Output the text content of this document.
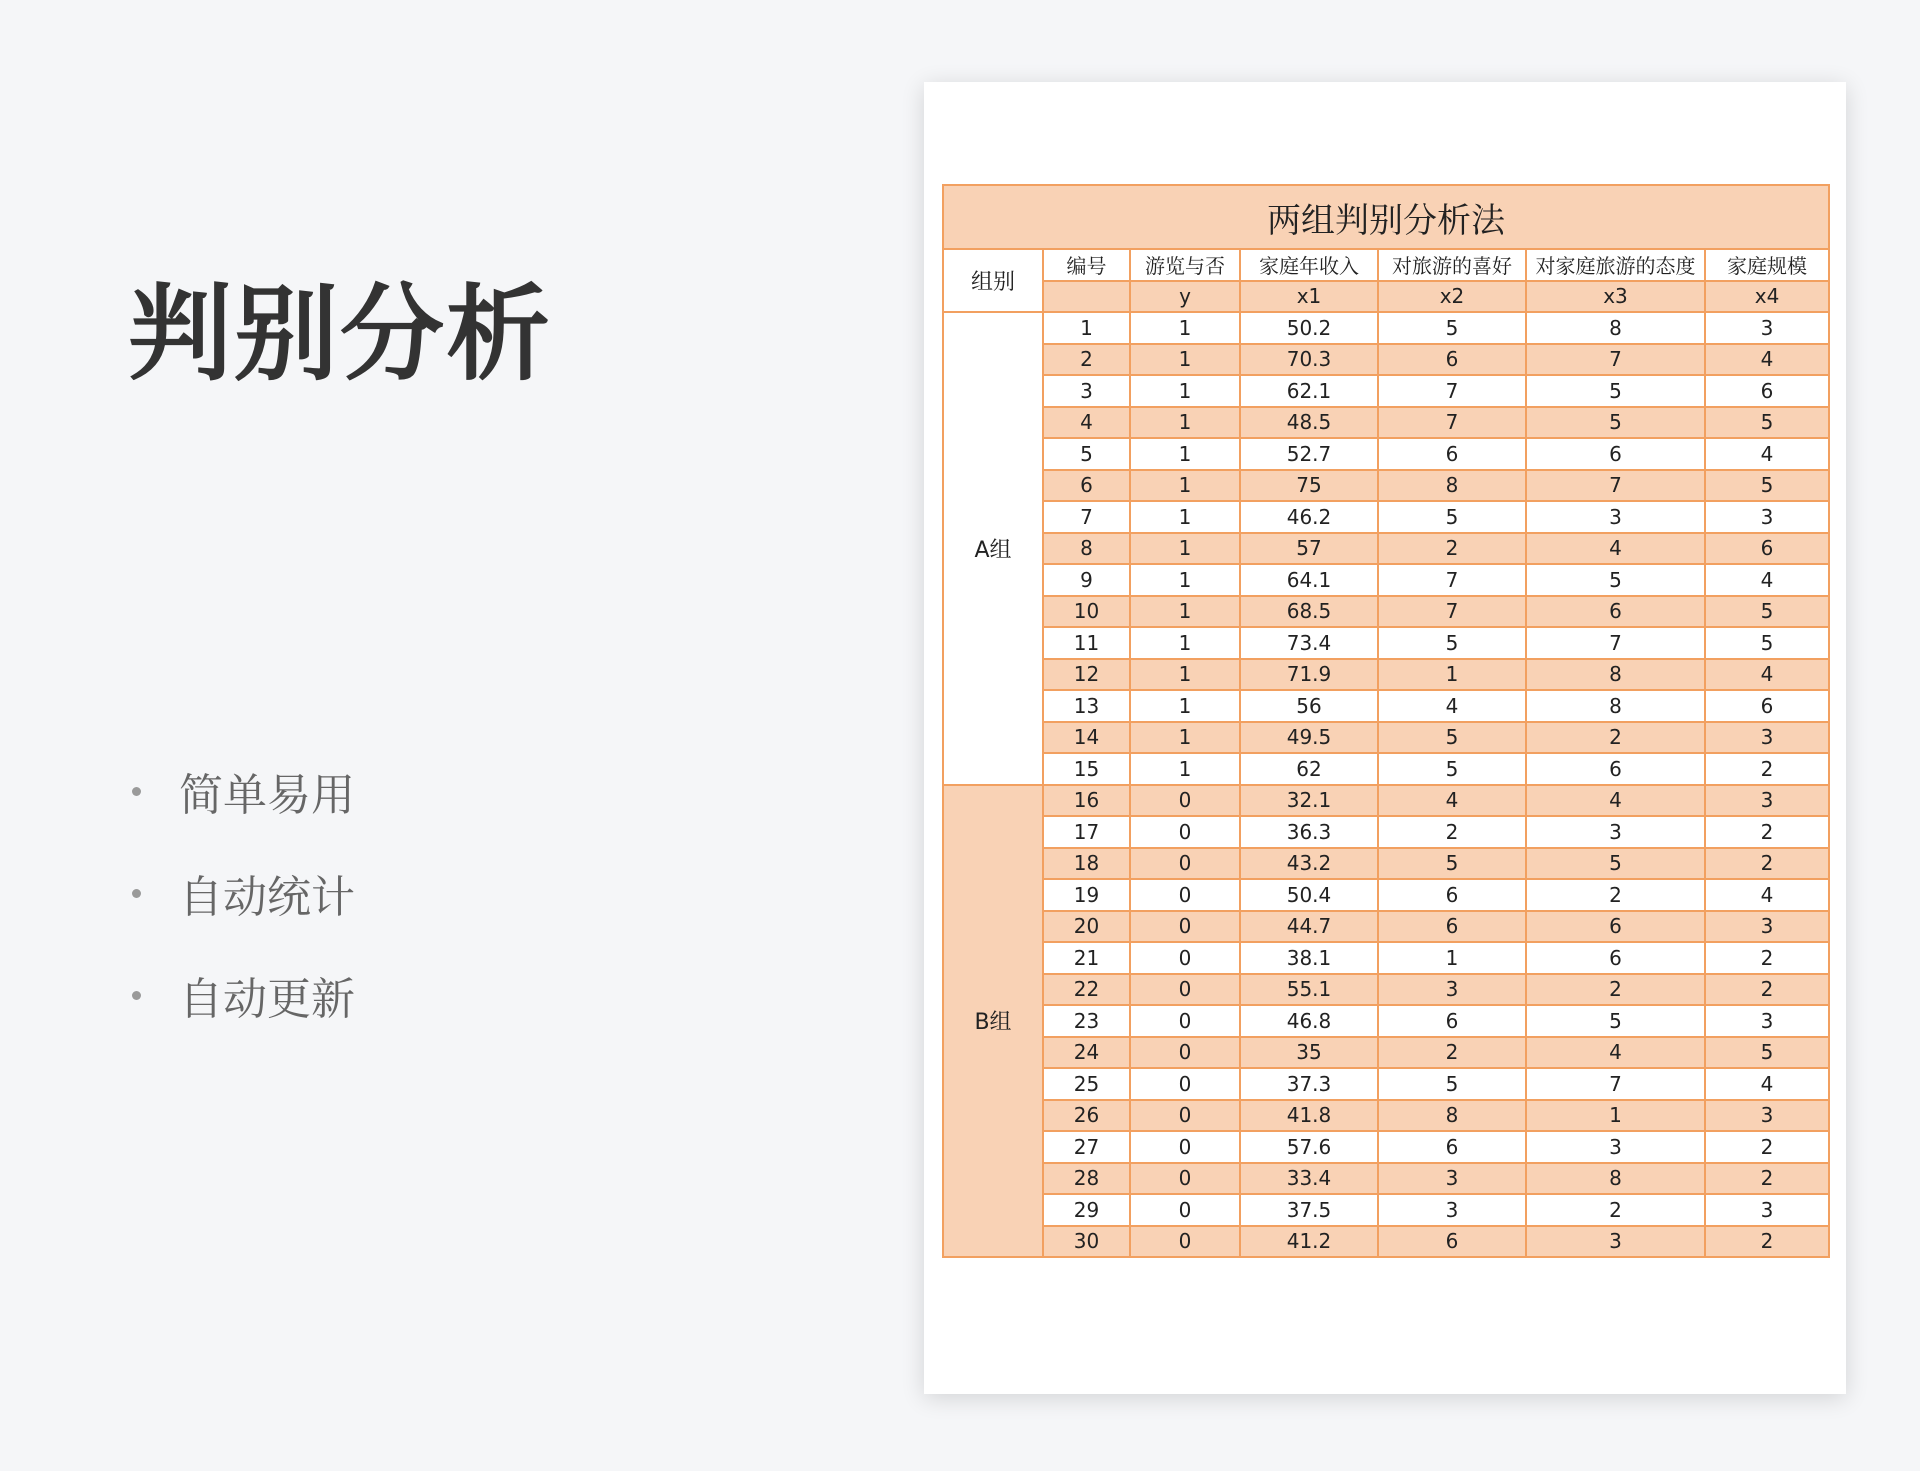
判别分析
简单易用
自动统计
自动更新
两组判别分析法						
组别	编号	游览与否	家庭年收入	对旅游的喜好	对家庭旅游的态度	家庭规模
		y	x1	x2	x3	x4
A组	1	1	50.2	5	8	3
	2	1	70.3	6	7	4
	3	1	62.1	7	5	6
	4	1	48.5	7	5	5
	5	1	52.7	6	6	4
	6	1	75	8	7	5
	7	1	46.2	5	3	3
	8	1	57	2	4	6
	9	1	64.1	7	5	4
	10	1	68.5	7	6	5
	11	1	73.4	5	7	5
	12	1	71.9	1	8	4
	13	1	56	4	8	6
	14	1	49.5	5	2	3
	15	1	62	5	6	2
B组	16	0	32.1	4	4	3
	17	0	36.3	2	3	2
	18	0	43.2	5	5	2
	19	0	50.4	6	2	4
	20	0	44.7	6	6	3
	21	0	38.1	1	6	2
	22	0	55.1	3	2	2
	23	0	46.8	6	5	3
	24	0	35	2	4	5
	25	0	37.3	5	7	4
	26	0	41.8	8	1	3
	27	0	57.6	6	3	2
	28	0	33.4	3	8	2
	29	0	37.5	3	2	3
	30	0	41.2	6	3	2
